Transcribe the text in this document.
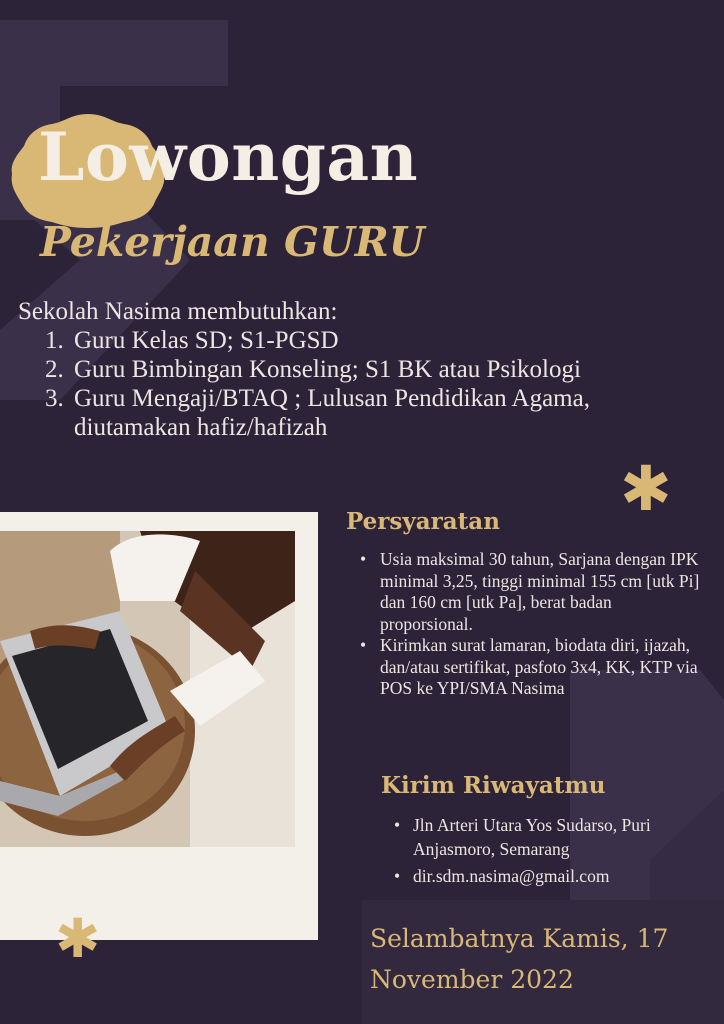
Lowongan
Pekerjaan GURU
Sekolah Nasima membutuhkan:
1. Guru Kelas SD; S1-PGSD
2. Guru Bimbingan Konseling; S1 BK atau Psikologi
3. Guru Mengaji/BTAQ ; Lulusan Pendidikan Agama, diutamakan hafiz/hafizah
✱
✱
Persyaratan
• Usia maksimal 30 tahun, Sarjana dengan IPK minimal 3,25, tinggi minimal 155 cm [utk Pi] dan 160 cm [utk Pa], berat badan proporsional.
• Kirimkan surat lamaran, biodata diri, ijazah, dan/atau sertifikat, pasfoto 3x4, KK, KTP via POS ke YPI/SMA Nasima
Kirim Riwayatmu
• Jln Arteri Utara Yos Sudarso, Puri Anjasmoro, Semarang
• dir.sdm.nasima@gmail.com

Selambatnya Kamis, 17 November 2022
